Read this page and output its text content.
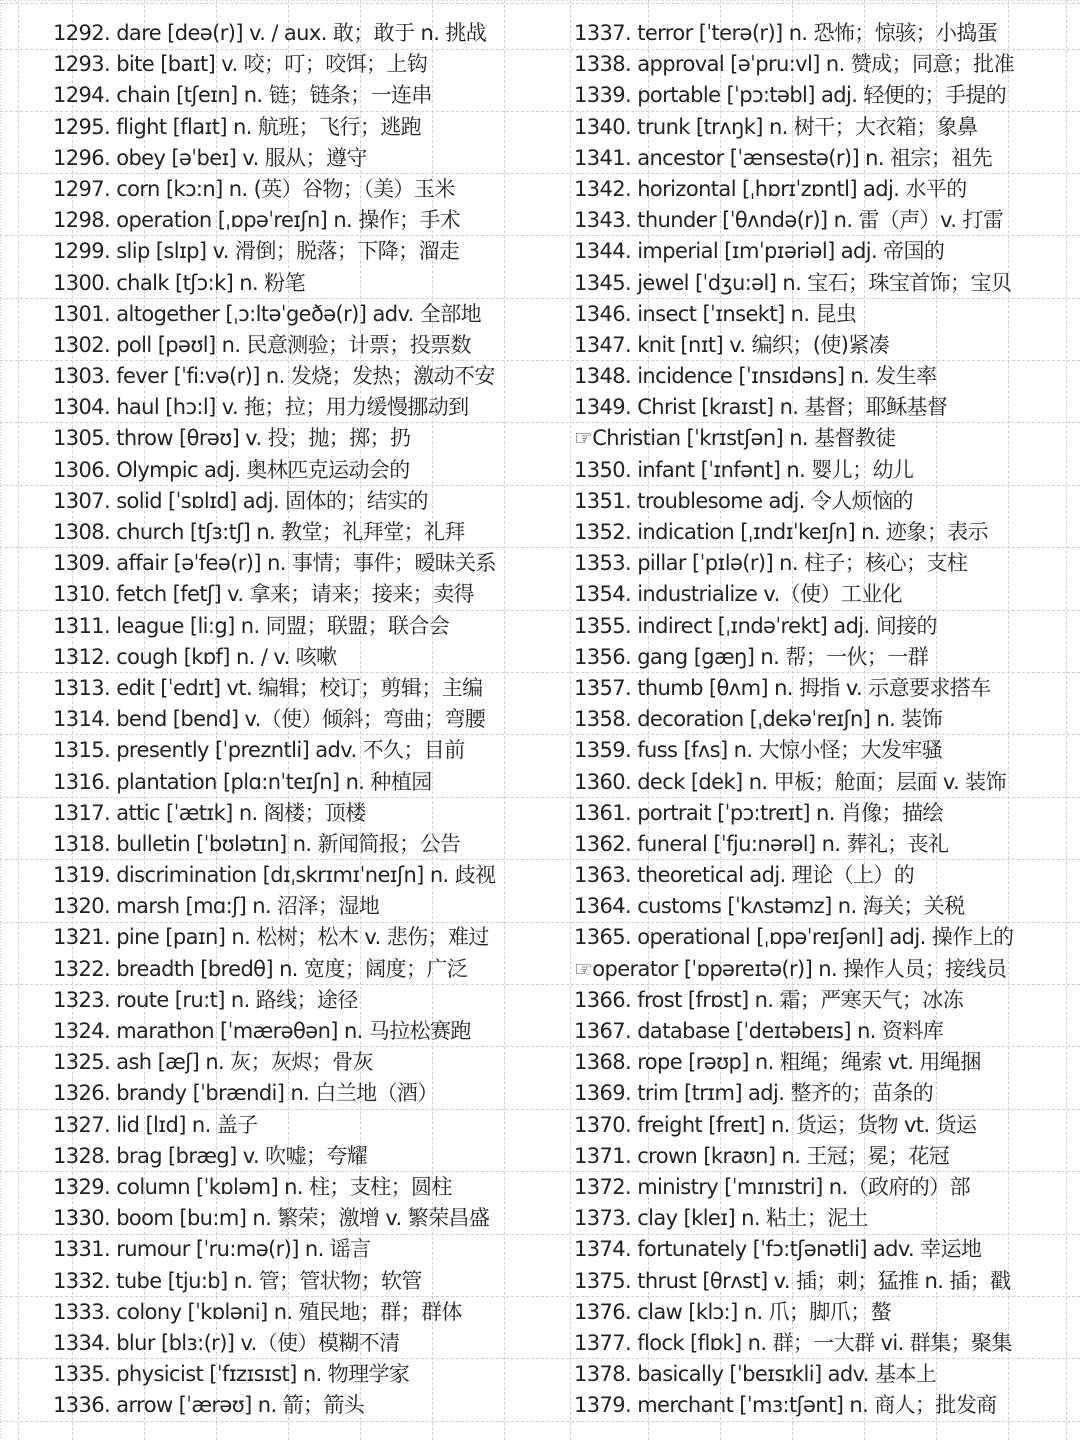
1292. dare [deə(r)] v. / aux. 敢；敢于 n. 挑战
1293. bite [baɪt] v. 咬；叮；咬饵；上钩
1294. chain [tʃeɪn] n. 链；链条；一连串
1295. flight [flaɪt] n. 航班；飞行；逃跑
1296. obey [əˈbeɪ] v. 服从；遵守
1297. corn [kɔ:n] n. (英）谷物；（美）玉米
1298. operation [ˌɒpəˈreɪʃn] n. 操作；手术
1299. slip [slɪp] v. 滑倒；脱落；下降；溜走
1300. chalk [tʃɔ:k] n. 粉笔
1301. altogether [ˌɔ:ltəˈgeðə(r)] adv. 全部地
1302. poll [pəʊl] n. 民意测验；计票；投票数
1303. fever [ˈfi:və(r)] n. 发烧；发热；激动不安
1304. haul [hɔ:l] v. 拖；拉；用力缓慢挪动到
1305. throw [θrəʊ] v. 投；抛；掷；扔
1306. Olympic adj. 奥林匹克运动会的
1307. solid [ˈsɒlɪd] adj. 固体的；结实的
1308. church [tʃɜ:tʃ] n. 教堂；礼拜堂；礼拜
1309. affair [əˈfeə(r)] n. 事情；事件；暧昧关系
1310. fetch [fetʃ] v. 拿来；请来；接来；卖得
1311. league [li:g] n. 同盟；联盟；联合会
1312. cough [kɒf] n. / v. 咳嗽
1313. edit [ˈedɪt] vt. 编辑；校订；剪辑；主编
1314. bend [bend] v.（使）倾斜；弯曲；弯腰
1315. presently [ˈpreznt​li] adv. 不久；目前
1316. plantation [plɑ:nˈteɪʃn] n. 种植园
1317. attic [ˈætɪk] n. 阁楼；顶楼
1318. bulletin [ˈbʊlətɪn] n. 新闻简报；公告
1319. discrimination [dɪˌskrɪmɪˈneɪʃn] n. 歧视
1320. marsh [mɑ:ʃ] n. 沼泽；湿地
1321. pine [paɪn] n. 松树；松木 v. 悲伤；难过
1322. breadth [bredθ] n. 宽度；阔度；广泛
1323. route [ru:t] n. 路线；途径
1324. marathon [ˈmærəθən] n. 马拉松赛跑
1325. ash [æʃ] n. 灰；灰烬；骨灰
1326. brandy [ˈbrændi] n. 白兰地（酒）
1327. lid [lɪd] n. 盖子
1328. brag [bræg] v. 吹嘘；夸耀
1329. column [ˈkɒləm] n. 柱；支柱；圆柱
1330. boom [bu:m] n. 繁荣；激增 v. 繁荣昌盛
1331. rumour [ˈru:mə(r)] n. 谣言
1332. tube [tju:b] n. 管；管状物；软管
1333. colony [ˈkɒləni] n. 殖民地；群；群体
1334. blur [blɜ:(r)] v.（使）模糊不清
1335. physicist [ˈfɪzɪsɪst] n. 物理学家
1336. arrow [ˈærəʊ] n. 箭；箭头
1337. terror [ˈterə(r)] n. 恐怖；惊骇；小捣蛋
1338. approval [əˈpru:vl] n. 赞成；同意；批准
1339. portable [ˈpɔ:təbl] adj. 轻便的；手提的
1340. trunk [trʌŋk] n. 树干；大衣箱；象鼻
1341. ancestor [ˈænsestə(r)] n. 祖宗；祖先
1342. horizontal [ˌhɒrɪˈzɒntl] adj. 水平的
1343. thunder [ˈθʌndə(r)] n. 雷（声）v. 打雷
1344. imperial [ɪmˈpɪəriəl] adj. 帝国的
1345. jewel [ˈdʒu:əl] n. 宝石；珠宝首饰；宝贝
1346. insect [ˈɪnsekt] n. 昆虫
1347. knit [nɪt] v. 编织；(使)紧凑
1348. incidence [ˈɪnsɪdəns] n. 发生率
1349. Christ [kraɪst] n. 基督；耶稣基督
☞Christian [ˈkrɪstʃən] n. 基督教徒
1350. infant [ˈɪnfənt] n. 婴儿；幼儿
1351. troublesome adj. 令人烦恼的
1352. indication [ˌɪndɪˈkeɪʃn] n. 迹象；表示
1353. pillar [ˈpɪlə(r)] n. 柱子；核心；支柱
1354. industrialize v.（使）工业化
1355. indirect [ˌɪndəˈrekt] adj. 间接的
1356. gang [gæŋ] n. 帮；一伙；一群
1357. thumb [θʌm] n. 拇指 v. 示意要求搭车
1358. decoration [ˌdekəˈreɪʃn] n. 装饰
1359. fuss [fʌs] n. 大惊小怪；大发牢骚
1360. deck [dek] n. 甲板；舱面；层面 v. 装饰
1361. portrait [ˈpɔ:treɪt] n. 肖像；描绘
1362. funeral [ˈfju:nərəl] n. 葬礼；丧礼
1363. theoretical adj. 理论（上）的
1364. customs [ˈkʌstəmz] n. 海关；关税
1365. operational [ˌɒpəˈreɪʃənl] adj. 操作上的
☞operator [ˈɒpəreɪtə(r)] n. 操作人员；接线员
1366. frost [frɒst] n. 霜；严寒天气；冰冻
1367. database [ˈdeɪtəbeɪs] n. 资料库
1368. rope [rəʊp] n. 粗绳；绳索 vt. 用绳捆
1369. trim [trɪm] adj. 整齐的；苗条的
1370. freight [freɪt] n. 货运；货物 vt. 货运
1371. crown [kraʊn] n. 王冠；冕；花冠
1372. ministry [ˈmɪnɪstri] n.（政府的）部
1373. clay [kleɪ] n. 粘土；泥土
1374. fortunately [ˈfɔ:tʃənətli] adv. 幸运地
1375. thrust [θrʌst] v. 插；刺；猛推 n. 插；戳
1376. claw [klɔ:] n. 爪；脚爪；螯
1377. flock [flɒk] n. 群；一大群 vi. 群集；聚集
1378. basically [ˈbeɪsɪkli] adv. 基本上
1379. merchant [ˈmɜ:tʃənt] n. 商人；批发商
